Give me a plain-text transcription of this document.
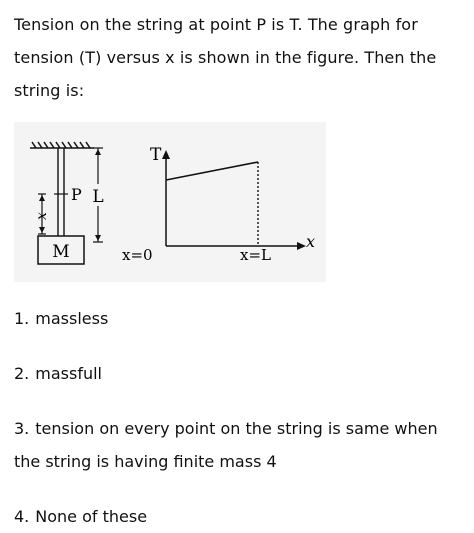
Tension on the string at point P is T. The graph for tension (T) versus x is shown in the figure. Then the string is:
M
P
x
L
T
x
x=0	x=L
1. massless
2. massfull
3. tension on every point on the string is same when the string is having finite mass 4
4. None of these
